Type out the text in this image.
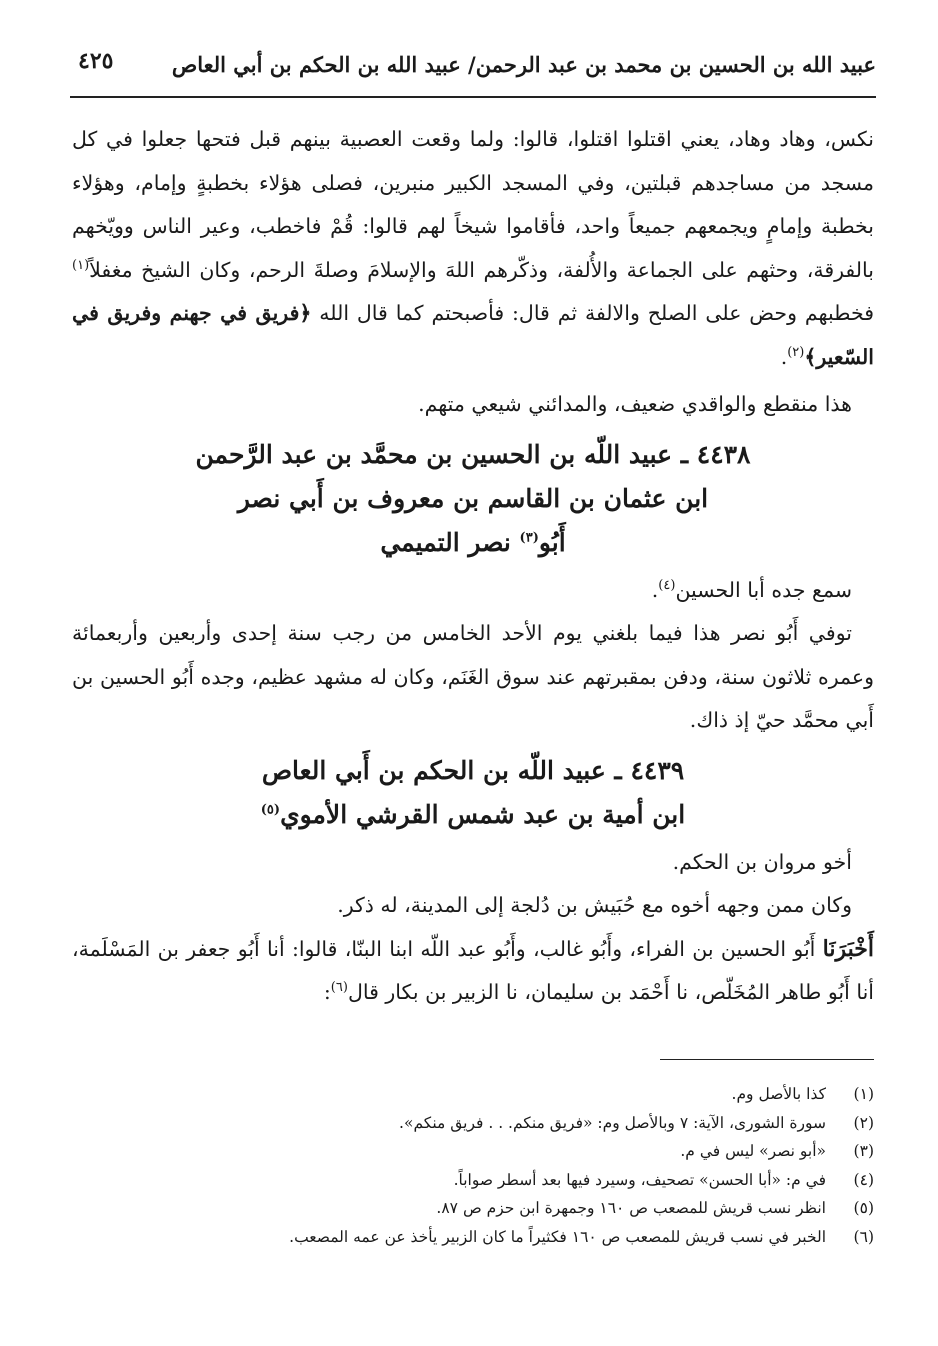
عبيد الله بن الحسين بن محمد بن عبد الرحمن/ عبيد الله بن الحكم بن أبي العاص
٤٢٥

نكس، وهاد وهاد، يعني اقتلوا اقتلوا، قالوا: ولما وقعت العصبية بينهم قبل فتحها جعلوا في كل مسجد من مساجدهم قبلتين، وفي المسجد الكبير منبرين، فصلى هؤلاء بخطبةٍ وإمام، وهؤلاء بخطبة وإمامٍ ويجمعهم جميعاً واحد، فأقاموا شيخاً لهم قالوا: قُمْ فاخطب، وعير الناس وويّخهم بالفرقة، وحثهم على الجماعة والأُلفة، وذكّرهم اللهَ والإسلامَ وصلةَ الرحم، وكان الشيخ مغفلاً$^{(١)}$ فخطبهم وحض على الصلح والالفة ثم قال: فأصبحتم كما قال الله ﴿فريق في جهنم وفريق في السّعير﴾$^{(٢)}$.

هذا منقطع والواقدي ضعيف، والمدائني شيعي متهم.

٤٤٣٨ ـ عبيد اللّه بن الحسين بن محمَّد بن عبد الرَّحمن
ابن عثمان بن القاسم بن معروف بن أَبي نصر
أَبُو$^{(٣)}$ نصر التميمي

سمع جده أبا الحسين$^{(٤)}$.

توفي أَبُو نصر هذا فيما بلغني يوم الأحد الخامس من رجب سنة إحدى وأربعين وأربعمائة وعمره ثلاثون سنة، ودفن بمقبرتهم عند سوق الغَنَم، وكان له مشهد عظيم، وجده أَبُو الحسين بن أَبي محمَّد حيّ إذ ذاك.

٤٤٣٩ ـ عبيد اللّه بن الحكم بن أَبي العاص
ابن أمية بن عبد شمس القرشي الأموي$^{(٥)}$

أخو مروان بن الحكم.

وكان ممن وجهه أخوه مع حُبَيش بن دُلجة إلى المدينة، له ذكر.

أَخْبَرَنَا أَبُو الحسين بن الفراء، وأَبُو غالب، وأَبُو عبد اللّه ابنا البنّا، قالوا: أنا أَبُو جعفر بن المَسْلَمة، أنا أَبُو طاهر المُخَلّص، نا أَحْمَد بن سليمان، نا الزبير بن بكار قال$^{(٦)}$:

(١)
كذا بالأصل وم.
(٢)
سورة الشورى، الآية: ٧ وبالأصل وم: «فريق منكم. . . فريق منكم».
(٣)
«أبو نصر» ليس في م.
(٤)
في م: «أبا الحسن» تصحيف، وسيرد فيها بعد أسطر صواباً.
(٥)
انظر نسب قريش للمصعب ص ١٦٠ وجمهرة ابن حزم ص ٨٧.
(٦)
الخبر في نسب قريش للمصعب ص ١٦٠ فكثيراً ما كان الزبير يأخذ عن عمه المصعب.
